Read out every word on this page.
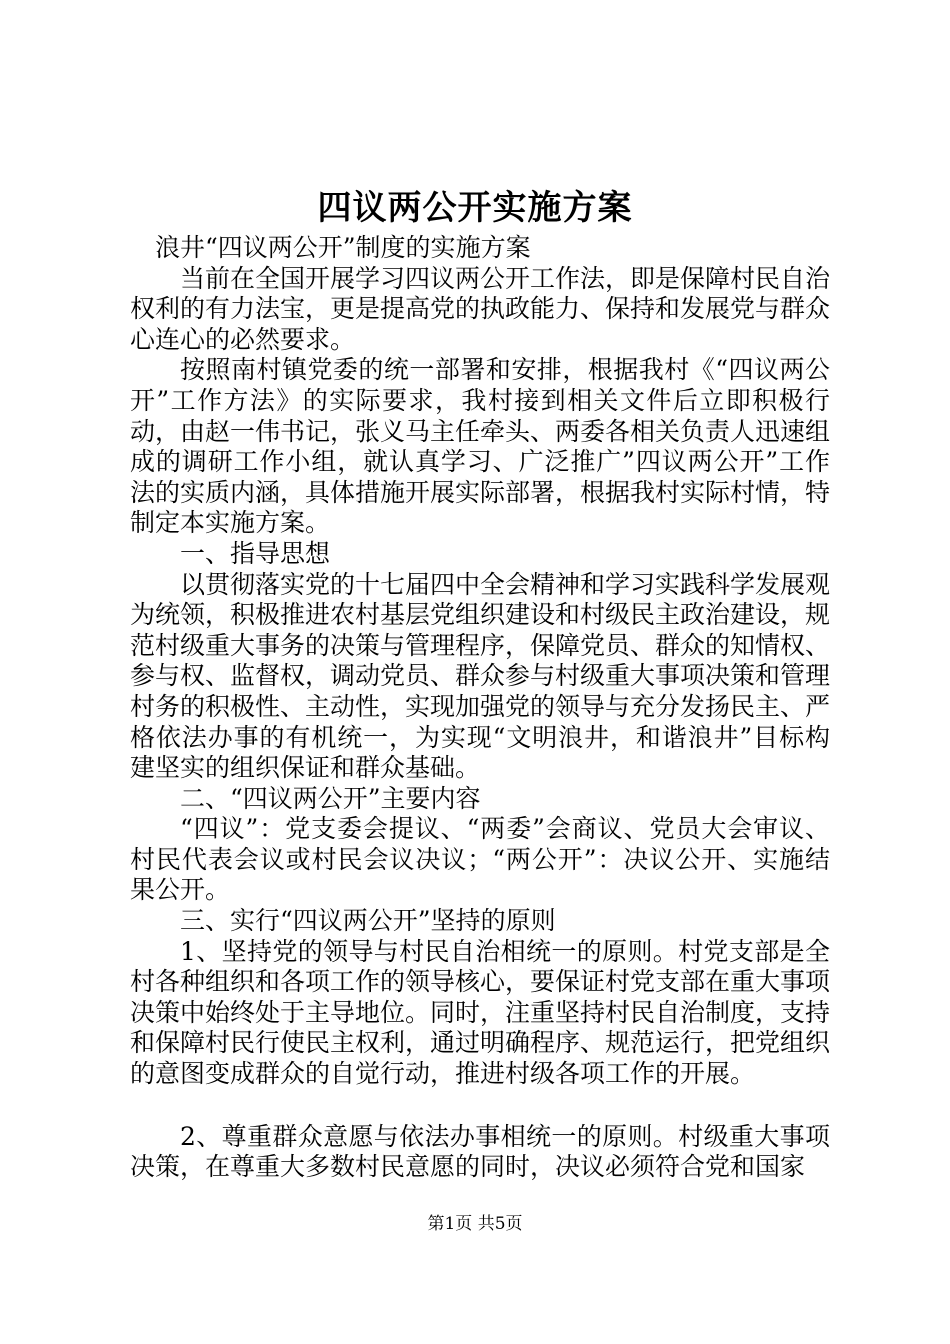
四议两公开实施方案

浪井“四议两公开”制度的实施方案

当前在全国开展学习四议两公开工作法，即是保障村民自治权利的有力法宝，更是提高党的执政能力、保持和发展党与群众心连心的必然要求。

按照南村镇党委的统一部署和安排，根据我村《“四议两公开”工作方法》的实际要求，我村接到相关文件后立即积极行动，由赵一伟书记，张义马主任牵头、两委各相关负责人迅速组成的调研工作小组，就认真学习、广泛推广”四议两公开”工作法的实质内涵，具体措施开展实际部署，根据我村实际村情，特制定本实施方案。

一、指导思想

以贯彻落实党的十七届四中全会精神和学习实践科学发展观为统领，积极推进农村基层党组织建设和村级民主政治建设，规范村级重大事务的决策与管理程序，保障党员、群众的知情权、参与权、监督权，调动党员、群众参与村级重大事项决策和管理村务的积极性、主动性，实现加强党的领导与充分发扬民主、严格依法办事的有机统一，为实现“文明浪井，和谐浪井”目标构建坚实的组织保证和群众基础。

二、“四议两公开”主要内容

“四议”：党支委会提议、“两委”会商议、党员大会审议、村民代表会议或村民会议决议；“两公开”：决议公开、实施结果公开。

三、实行“四议两公开”坚持的原则

1、坚持党的领导与村民自治相统一的原则。村党支部是全村各种组织和各项工作的领导核心，要保证村党支部在重大事项决策中始终处于主导地位。同时，注重坚持村民自治制度，支持和保障村民行使民主权利，通过明确程序、规范运行，把党组织的意图变成群众的自觉行动，推进村级各项工作的开展。

2、尊重群众意愿与依法办事相统一的原则。村级重大事项决策，在尊重大多数村民意愿的同时，决议必须符合党和国家

第1页 共5页
